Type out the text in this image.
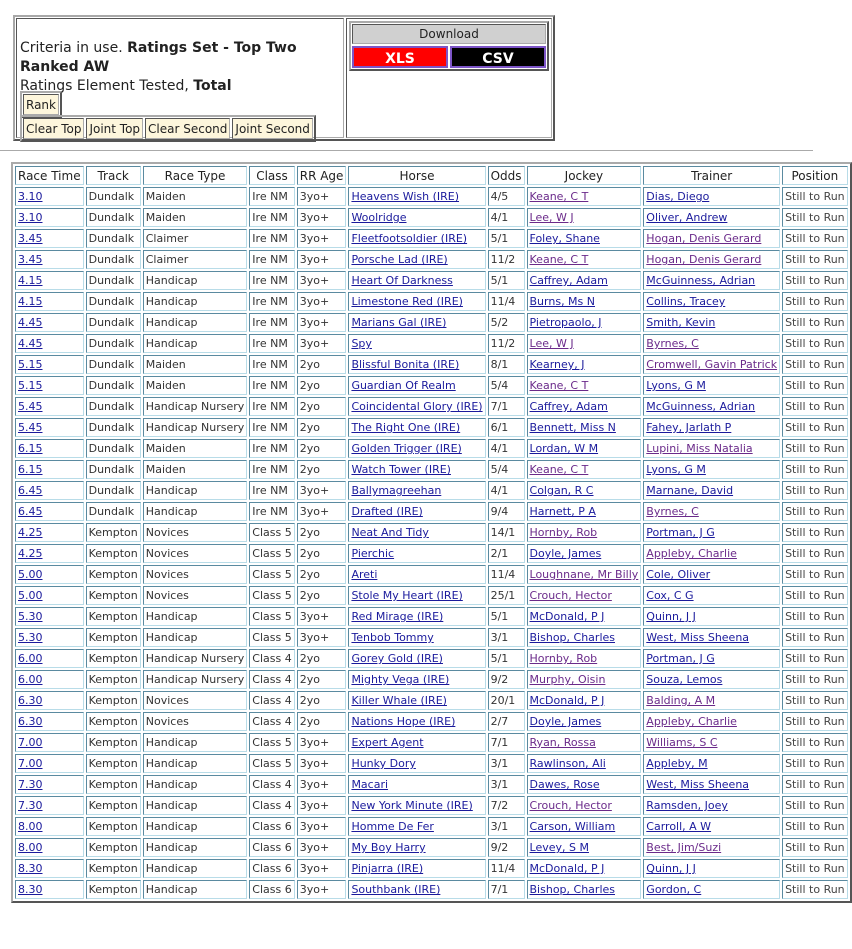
Criteria in use. Ratings Set - Top Two Ranked AW
Ratings Element Tested, Total
Rank
Clear Top Joint Top Clear Second Joint Second
Download
XLS	CSV
Race Time	Track	Race Type	Class	RR Age	Horse	Odds	Jockey	Trainer	Position
3.10	Dundalk	Maiden	Ire NM	3yo+	Heavens Wish (IRE)	4/5	Keane, C T	Dias, Diego	Still to Run
3.10	Dundalk	Maiden	Ire NM	3yo+	Woolridge	4/1	Lee, W J	Oliver, Andrew	Still to Run
3.45	Dundalk	Claimer	Ire NM	3yo+	Fleetfootsoldier (IRE)	5/1	Foley, Shane	Hogan, Denis Gerard	Still to Run
3.45	Dundalk	Claimer	Ire NM	3yo+	Porsche Lad (IRE)	11/2	Keane, C T	Hogan, Denis Gerard	Still to Run
4.15	Dundalk	Handicap	Ire NM	3yo+	Heart Of Darkness	5/1	Caffrey, Adam	McGuinness, Adrian	Still to Run
4.15	Dundalk	Handicap	Ire NM	3yo+	Limestone Red (IRE)	11/4	Burns, Ms N	Collins, Tracey	Still to Run
4.45	Dundalk	Handicap	Ire NM	3yo+	Marians Gal (IRE)	5/2	Pietropaolo, J	Smith, Kevin	Still to Run
4.45	Dundalk	Handicap	Ire NM	3yo+	Spy	11/2	Lee, W J	Byrnes, C	Still to Run
5.15	Dundalk	Maiden	Ire NM	2yo	Blissful Bonita (IRE)	8/1	Kearney, J	Cromwell, Gavin Patrick	Still to Run
5.15	Dundalk	Maiden	Ire NM	2yo	Guardian Of Realm	5/4	Keane, C T	Lyons, G M	Still to Run
5.45	Dundalk	Handicap Nursery	Ire NM	2yo	Coincidental Glory (IRE)	7/1	Caffrey, Adam	McGuinness, Adrian	Still to Run
5.45	Dundalk	Handicap Nursery	Ire NM	2yo	The Right One (IRE)	6/1	Bennett, Miss N	Fahey, Jarlath P	Still to Run
6.15	Dundalk	Maiden	Ire NM	2yo	Golden Trigger (IRE)	4/1	Lordan, W M	Lupini, Miss Natalia	Still to Run
6.15	Dundalk	Maiden	Ire NM	2yo	Watch Tower (IRE)	5/4	Keane, C T	Lyons, G M	Still to Run
6.45	Dundalk	Handicap	Ire NM	3yo+	Ballymagreehan	4/1	Colgan, R C	Marnane, David	Still to Run
6.45	Dundalk	Handicap	Ire NM	3yo+	Drafted (IRE)	9/4	Harnett, P A	Byrnes, C	Still to Run
4.25	Kempton	Novices	Class 5	2yo	Neat And Tidy	14/1	Hornby, Rob	Portman, J G	Still to Run
4.25	Kempton	Novices	Class 5	2yo	Pierchic	2/1	Doyle, James	Appleby, Charlie	Still to Run
5.00	Kempton	Novices	Class 5	2yo	Areti	11/4	Loughnane, Mr Billy	Cole, Oliver	Still to Run
5.00	Kempton	Novices	Class 5	2yo	Stole My Heart (IRE)	25/1	Crouch, Hector	Cox, C G	Still to Run
5.30	Kempton	Handicap	Class 5	3yo+	Red Mirage (IRE)	5/1	McDonald, P J	Quinn, J J	Still to Run
5.30	Kempton	Handicap	Class 5	3yo+	Tenbob Tommy	3/1	Bishop, Charles	West, Miss Sheena	Still to Run
6.00	Kempton	Handicap Nursery	Class 4	2yo	Gorey Gold (IRE)	5/1	Hornby, Rob	Portman, J G	Still to Run
6.00	Kempton	Handicap Nursery	Class 4	2yo	Mighty Vega (IRE)	9/2	Murphy, Oisin	Souza, Lemos	Still to Run
6.30	Kempton	Novices	Class 4	2yo	Killer Whale (IRE)	20/1	McDonald, P J	Balding, A M	Still to Run
6.30	Kempton	Novices	Class 4	2yo	Nations Hope (IRE)	2/7	Doyle, James	Appleby, Charlie	Still to Run
7.00	Kempton	Handicap	Class 5	3yo+	Expert Agent	7/1	Ryan, Rossa	Williams, S C	Still to Run
7.00	Kempton	Handicap	Class 5	3yo+	Hunky Dory	3/1	Rawlinson, Ali	Appleby, M	Still to Run
7.30	Kempton	Handicap	Class 4	3yo+	Macari	3/1	Dawes, Rose	West, Miss Sheena	Still to Run
7.30	Kempton	Handicap	Class 4	3yo+	New York Minute (IRE)	7/2	Crouch, Hector	Ramsden, Joey	Still to Run
8.00	Kempton	Handicap	Class 6	3yo+	Homme De Fer	3/1	Carson, William	Carroll, A W	Still to Run
8.00	Kempton	Handicap	Class 6	3yo+	My Boy Harry	9/2	Levey, S M	Best, Jim/Suzi	Still to Run
8.30	Kempton	Handicap	Class 6	3yo+	Pinjarra (IRE)	11/4	McDonald, P J	Quinn, J J	Still to Run
8.30	Kempton	Handicap	Class 6	3yo+	Southbank (IRE)	7/1	Bishop, Charles	Gordon, C	Still to Run
